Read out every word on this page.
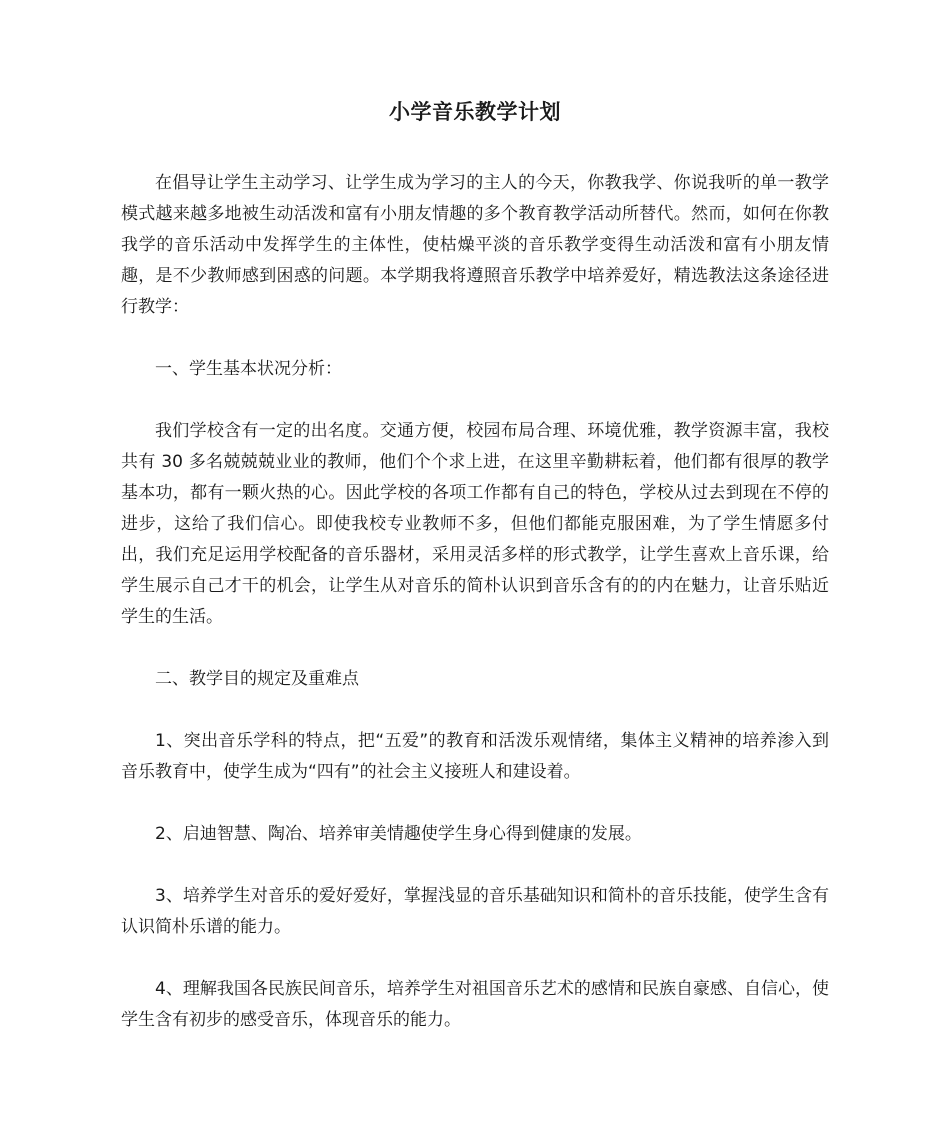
小学音乐教学计划

在倡导让学生主动学习、让学生成为学习的主人的今天，你教我学、你说我听的单一教学模式越来越多地被生动活泼和富有小朋友情趣的多个教育教学活动所替代。然而，如何在你教我学的音乐活动中发挥学生的主体性，使枯燥平淡的音乐教学变得生动活泼和富有小朋友情趣，是不少教师感到困惑的问题。本学期我将遵照音乐教学中培养爱好，精选教法这条途径进行教学：

一、学生基本状况分析：

我们学校含有一定的出名度。交通方便，校园布局合理、环境优雅，教学资源丰富，我校共有 30 多名兢兢兢业业的教师，他们个个求上进，在这里辛勤耕耘着，他们都有很厚的教学基本功，都有一颗火热的心。因此学校的各项工作都有自己的特色，学校从过去到现在不停的进步，这给了我们信心。即使我校专业教师不多，但他们都能克服困难，为了学生情愿多付出，我们充足运用学校配备的音乐器材，采用灵活多样的形式教学，让学生喜欢上音乐课，给学生展示自己才干的机会，让学生从对音乐的简朴认识到音乐含有的的内在魅力，让音乐贴近学生的生活。

二、教学目的规定及重难点

1、突出音乐学科的特点，把“五爱”的教育和活泼乐观情绪，集体主义精神的培养渗入到音乐教育中，使学生成为“四有”的社会主义接班人和建设着。

2、启迪智慧、陶冶、培养审美情趣使学生身心得到健康的发展。

3、培养学生对音乐的爱好爱好，掌握浅显的音乐基础知识和简朴的音乐技能，使学生含有认识简朴乐谱的能力。

4、理解我国各民族民间音乐，培养学生对祖国音乐艺术的感情和民族自豪感、自信心，使学生含有初步的感受音乐，体现音乐的能力。
